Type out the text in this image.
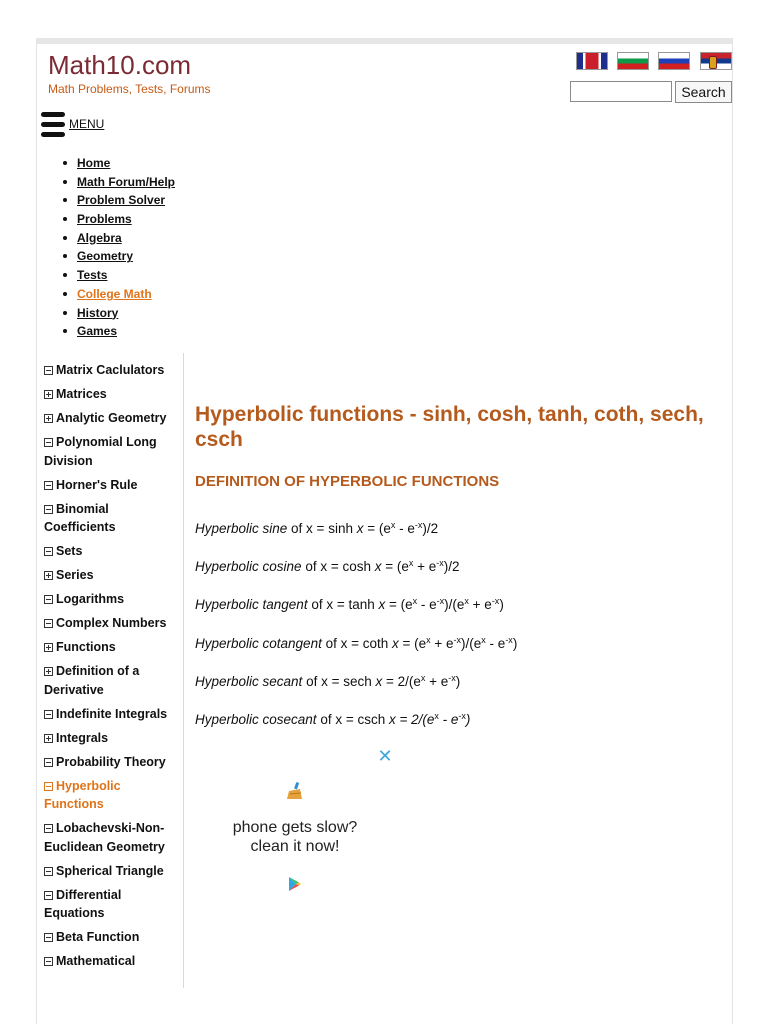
Math10.com
Math Problems, Tests, Forums	Search
MENU
Home
Math Forum/Help
Problem Solver
Problems
Algebra
Geometry
Tests
College Math
History
Games
Matrix Caclulators
Matrices
Analytic Geometry
Polynomial Long Division
Horner's Rule
Binomial Coefficients
Sets
Series
Logarithms
Complex Numbers
Functions
Definition of a Derivative
Indefinite Integrals
Integrals
Probability Theory
Hyperbolic Functions
Lobachevski-Non-Euclidean Geometry
Spherical Triangle
Differential Equations
Beta Function
Mathematical
Hyperbolic functions - sinh, cosh, tanh, coth, sech, csch
DEFINITION OF HYPERBOLIC FUNCTIONS
Hyperbolic sine of $x = \sinh x = (e^x - e^{-x})/2$
Hyperbolic cosine of $x = \cosh x = (e^x + e^{-x})/2$
Hyperbolic tangent of $x = \tanh x = (e^x - e^{-x})/(e^x + e^{-x})$
Hyperbolic cotangent of x = coth $x = (e^x + e^{-x})/(e^x - e^{-x})$
Hyperbolic secant of x = sech $x = 2/(e^x + e^{-x})$
Hyperbolic cosecant of x = csch $x = 2/(e^x - e^{-x})$
✕
phone gets slow?
clean it now!
